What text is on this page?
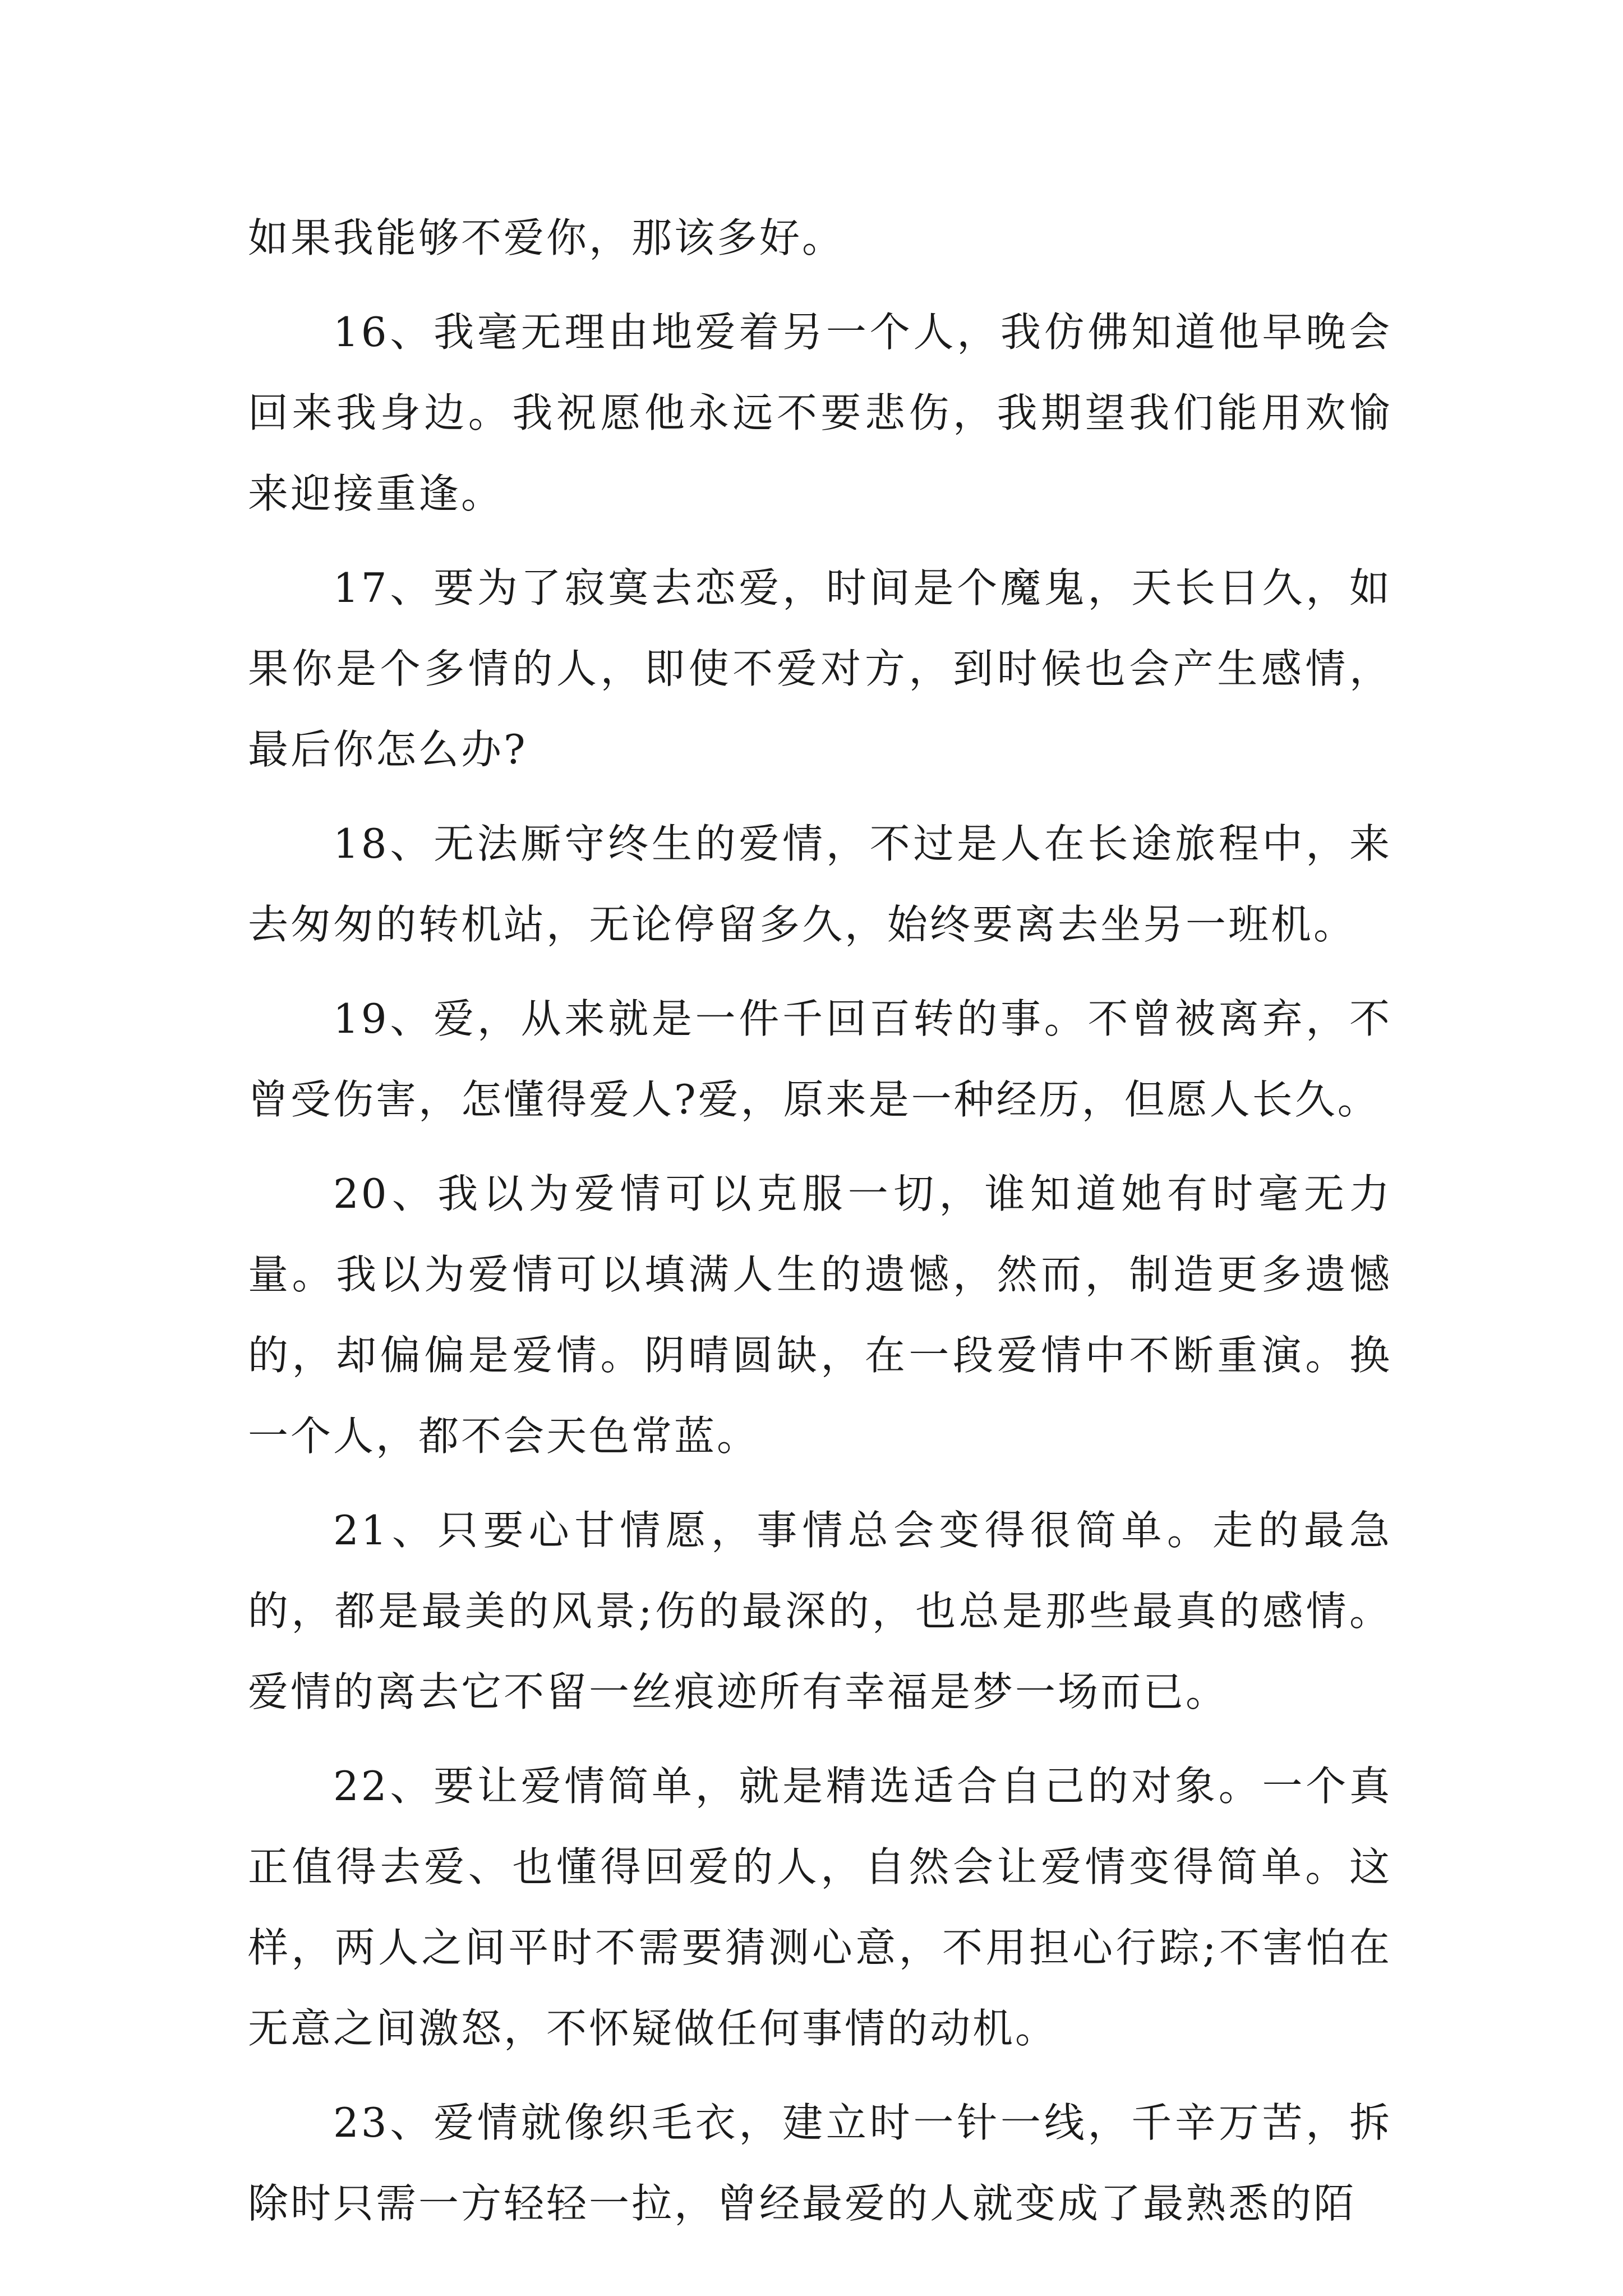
如果我能够不爱你，那该多好。

16、我毫无理由地爱着另一个人，我仿佛知道他早晚会回来我身边。我祝愿他永远不要悲伤，我期望我们能用欢愉来迎接重逢。

17、要为了寂寞去恋爱，时间是个魔鬼，天长日久，如果你是个多情的人，即使不爱对方，到时候也会产生感情，最后你怎么办?

18、无法厮守终生的爱情，不过是人在长途旅程中，来去匆匆的转机站，无论停留多久，始终要离去坐另一班机。

19、爱，从来就是一件千回百转的事。不曾被离弃，不曾受伤害，怎懂得爱人?爱，原来是一种经历，但愿人长久。

20、我以为爱情可以克服一切，谁知道她有时毫无力量。我以为爱情可以填满人生的遗憾，然而，制造更多遗憾的，却偏偏是爱情。阴晴圆缺，在一段爱情中不断重演。换一个人，都不会天色常蓝。

21、只要心甘情愿，事情总会变得很简单。走的最急的，都是最美的风景;伤的最深的，也总是那些最真的感情。爱情的离去它不留一丝痕迹所有幸福是梦一场而已。

22、要让爱情简单，就是精选适合自己的对象。一个真正值得去爱、也懂得回爱的人，自然会让爱情变得简单。这样，两人之间平时不需要猜测心意，不用担心行踪;不害怕在无意之间激怒，不怀疑做任何事情的动机。

23、爱情就像织毛衣，建立时一针一线，千辛万苦，拆除时只需一方轻轻一拉，曾经最爱的人就变成了最熟悉的陌
